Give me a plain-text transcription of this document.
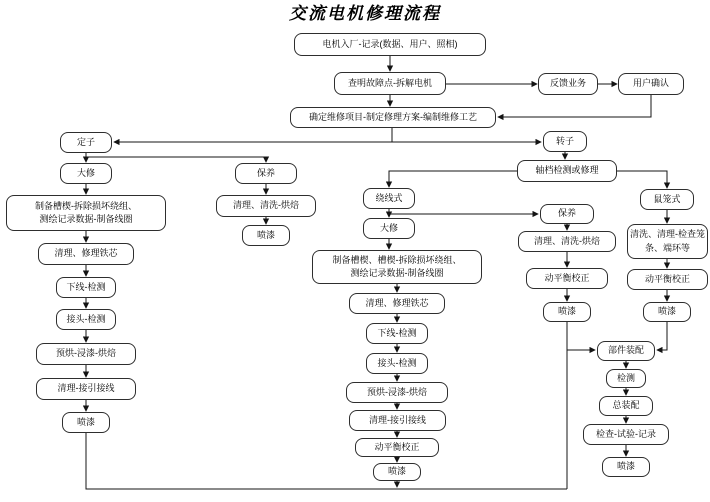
交流电机修理流程
电机入厂-记录(数据、用户、照相)
查明故障点-拆解电机	反馈业务	用户确认
确定维修项目-制定修理方案-编制维修工艺
定子
大修
制备槽楔-拆除损坏绕组、
测绘记录数据-制备线圈
清理、修理铁芯
下线-检测
接头-检测
预烘-浸漆-烘焙
清理-接引接线
喷漆
保养
清理、清洗-烘焙
喷漆
转子
轴档检测或修理
绕线式
大修
制备槽楔、槽楔-拆除损坏绕组、
测绘记录数据-制备线圈
清理、修理铁芯
下线-检测
接头-检测
预烘-浸漆-烘焙
清理-接引接线
动平衡校正
喷漆
保养
清理、清洗-烘焙
动平衡校正
喷漆
鼠笼式
清洗、清理-检查笼
条、端环等
动平衡校正
喷漆
部件装配
检测
总装配
检查-试验-记录
喷漆
